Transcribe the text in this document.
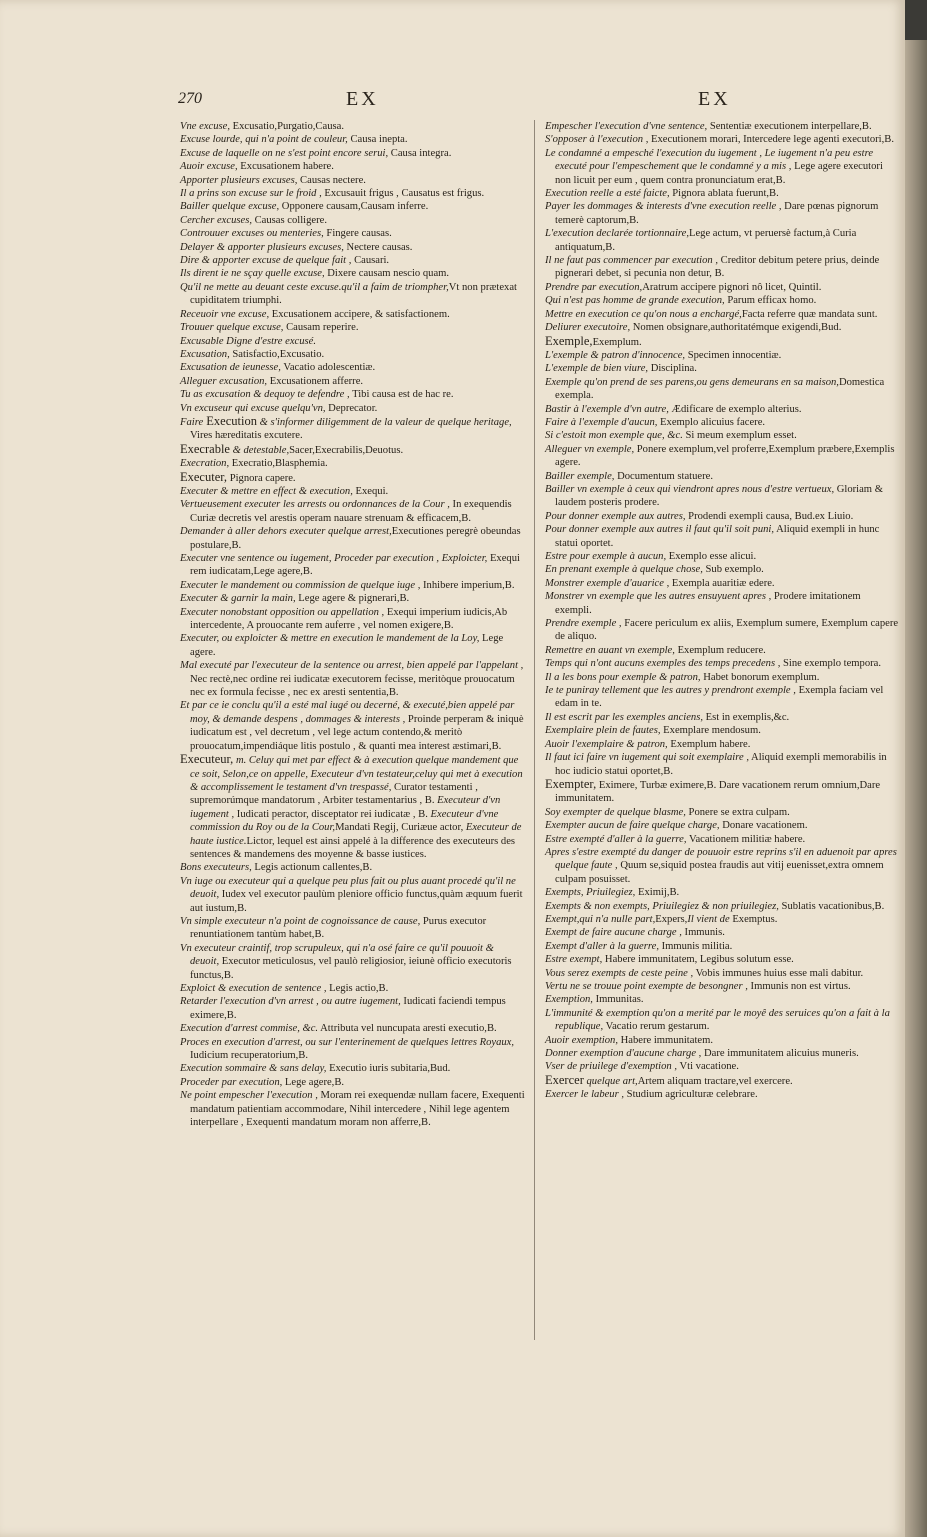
270	EX	EX

Vne excuse, Excusatio,Purgatio,Causa.

Excuse lourde, qui n'a point de couleur, Causa inepta.

Excuse de laquelle on ne s'est point encore serui, Causa integra.

Auoir excuse, Excusationem habere.

Apporter plusieurs excuses, Causas nectere.

Il a prins son excuse sur le froid , Excusauit frigus , Causatus est frigus.

Bailler quelque excuse, Opponere causam,Causam inferre.

Cercher excuses, Causas colligere.

Controuuer excuses ou menteries, Fingere causas.

Delayer & apporter plusieurs excuses, Nectere causas.

Dire & apporter excuse de quelque fait , Causari.

Ils dirent ie ne sçay quelle excuse, Dixere causam nescio quam.

Qu'il ne mette au deuant ceste excuse.qu'il a faim de triompher,Vt non prætexat cupiditatem triumphi.

Receuoir vne excuse, Excusationem accipere, & satisfactionem.

Trouuer quelque excuse, Causam reperire.

Excusable Digne d'estre excusé.

Excusation, Satisfactio,Excusatio.

Excusation de ieunesse, Vacatio adolescentiæ.

Alleguer excusation, Excusationem afferre.

Tu as excusation & dequoy te defendre , Tibi causa est de hac re.

Vn excuseur qui excuse quelqu'vn, Deprecator.

Faire Execution & s'informer diligemment de la valeur de quelque heritage, Vires hæreditatis excutere.

Execrable & detestable,Sacer,Execrabilis,Deuotus.

Execration, Execratio,Blasphemia.

Executer, Pignora capere.

Executer & mettre en effect & execution, Exequi.

Vertueusement executer les arrests ou ordonnances de la Cour , In exequendis Curiæ decretis vel arestis operam nauare strenuam & efficacem,B.

Demander à aller dehors executer quelque arrest,Executiones peregrè obeundas postulare,B.

Executer vne sentence ou iugement, Proceder par execution , Exploicter, Exequi rem iudicatam,Lege agere,B.

Executer le mandement ou commission de quelque iuge , Inhibere imperium,B.

Executer & garnir la main, Lege agere & pignerari,B.

Executer nonobstant opposition ou appellation , Exequi imperium iudicis,Ab intercedente, A prouocante rem auferre , vel nomen exigere,B.

Executer, ou exploicter & mettre en execution le mandement de la Loy, Lege agere.

Mal executé par l'executeur de la sentence ou arrest, bien appelé par l'appelant , Nec rectè,nec ordine rei iudicatæ executorem fecisse, meritòque prouocatum nec ex formula fecisse , nec ex aresti sententia,B.

Et par ce ie conclu qu'il a esté mal iugé ou decerné, & executé,bien appelé par moy, & demande despens , dommages & interests , Proinde perperam & iniquè iudicatum est , vel decretum , vel lege actum contendo,& meritò prouocatum,impendiáque litis postulo , & quanti mea interest æstimari,B.

Executeur, m. Celuy qui met par effect & à execution quelque mandement que ce soit, Selon,ce on appelle, Executeur d'vn testateur,celuy qui met à execution & accomplissement le testament d'vn trespassé, Curator testamenti , supremorúmque mandatorum , Arbiter testamentarius , B. Executeur d'vn iugement , Iudicati peractor, disceptator rei iudicatæ , B. Executeur d'vne commission du Roy ou de la Cour,Mandati Regij, Curiæue actor, Executeur de haute iustice.Lictor, lequel est ainsi appelé à la difference des executeurs des sentences & mandemens des moyenne & basse iustices.

Bons executeurs, Legis actionum callentes,B.

Vn iuge ou executeur qui a quelque peu plus fait ou plus auant procedé qu'il ne deuoit, Iudex vel executor paulùm pleniore officio functus,quàm æquum fuerit aut iustum,B.

Vn simple executeur n'a point de cognoissance de cause, Purus executor renuntiationem tantùm habet,B.

Vn executeur craintif, trop scrupuleux, qui n'a osé faire ce qu'il pouuoit & deuoit, Executor meticulosus, vel paulò religiosior, ieiunè officio executoris functus,B.

Exploict & execution de sentence , Legis actio,B.

Retarder l'execution d'vn arrest , ou autre iugement, Iudicati faciendi tempus eximere,B.

Execution d'arrest commise, &c. Attributa vel nuncupata aresti executio,B.

Proces en execution d'arrest, ou sur l'enterinement de quelques lettres Royaux, Iudicium recuperatorium,B.

Execution sommaire & sans delay, Executio iuris subitaria,Bud.

Proceder par execution, Lege agere,B.

Ne point empescher l'execution , Moram rei exequendæ nullam facere, Exequenti mandatum patientiam accommodare, Nihil intercedere , Nihil lege agentem interpellare , Exequenti mandatum moram non afferre,B.

Empescher l'execution d'vne sentence, Sententiæ executionem interpellare,B.

S'opposer à l'execution , Executionem morari, Intercedere lege agenti executori,B.

Le condamné a empesché l'execution du iugement , Le iugement n'a peu estre executé pour l'empeschement que le condamné y a mis , Lege agere executori non licuit per eum , quem contra pronunciatum erat,B.

Execution reelle a esté faicte, Pignora ablata fuerunt,B.

Payer les dommages & interests d'vne execution reelle , Dare pœnas pignorum temerè captorum,B.

L'execution declarée tortionnaire,Lege actum, vt peruersè factum,à Curia antiquatum,B.

Il ne faut pas commencer par execution , Creditor debitum petere prius, deinde pignerari debet, si pecunia non detur, B.

Prendre par execution,Aratrum accipere pignori nô licet, Quintil.

Qui n'est pas homme de grande execution, Parum efficax homo.

Mettre en execution ce qu'on nous a enchargé,Facta referre quæ mandata sunt.

Deliurer executoire, Nomen obsignare,authoritatémque exigendi,Bud.

Exemple,Exemplum.

L'exemple & patron d'innocence, Specimen innocentiæ.

L'exemple de bien viure, Disciplina.

Exemple qu'on prend de ses parens,ou gens demeurans en sa maison,Domestica exempla.

Bastir à l'exemple d'vn autre, Ædificare de exemplo alterius.

Faire à l'exemple d'aucun, Exemplo alicuius facere.

Si c'estoit mon exemple que, &c. Si meum exemplum esset.

Alleguer vn exemple, Ponere exemplum,vel proferre,Exemplum præbere,Exemplis agere.

Bailler exemple, Documentum statuere.

Bailler vn exemple à ceux qui viendront apres nous d'estre vertueux, Gloriam & laudem posteris prodere.

Pour donner exemple aux autres, Prodendi exempli causa, Bud.ex Liuio.

Pour donner exemple aux autres il faut qu'il soit puni, Aliquid exempli in hunc statui oportet.

Estre pour exemple à aucun, Exemplo esse alicui.

En prenant exemple à quelque chose, Sub exemplo.

Monstrer exemple d'auarice , Exempla auaritiæ edere.

Monstrer vn exemple que les autres ensuyuent apres , Prodere imitationem exempli.

Prendre exemple , Facere periculum ex aliis, Exemplum sumere, Exemplum capere de aliquo.

Remettre en auant vn exemple, Exemplum reducere.

Temps qui n'ont aucuns exemples des temps precedens , Sine exemplo tempora.

Il a les bons pour exemple & patron, Habet bonorum exemplum.

Ie te puniray tellement que les autres y prendront exemple , Exempla faciam vel edam in te.

Il est escrit par les exemples anciens, Est in exemplis,&c.

Exemplaire plein de fautes, Exemplare mendosum.

Auoir l'exemplaire & patron, Exemplum habere.

Il faut ici faire vn iugement qui soit exemplaire , Aliquid exempli memorabilis in hoc iudicio statui oportet,B.

Exempter, Eximere, Turbæ eximere,B. Dare vacationem rerum omnium,Dare immunitatem.

Soy exempter de quelque blasme, Ponere se extra culpam.

Exempter aucun de faire quelque charge, Donare vacationem.

Estre exempté d'aller à la guerre, Vacationem militiæ habere.

Apres s'estre exempté du danger de pouuoir estre reprins s'il en aduenoit par apres quelque faute , Quum se,siquid postea fraudis aut vitij euenisset,extra omnem culpam posuisset.

Exempts, Priuilegiez, Eximij,B.

Exempts & non exempts, Priuilegiez & non priuilegiez, Sublatis vacationibus,B.

Exempt,qui n'a nulle part,Expers,Il vient de Exemptus.

Exempt de faire aucune charge , Immunis.

Exempt d'aller à la guerre, Immunis militia.

Estre exempt, Habere immunitatem, Legibus solutum esse.

Vous serez exempts de ceste peine , Vobis immunes huius esse mali dabitur.

Vertu ne se trouue point exempte de besongner , Immunis non est virtus.

Exemption, Immunitas.

L'immunité & exemption qu'on a merité par le moyê des seruices qu'on a fait à la republique, Vacatio rerum gestarum.

Auoir exemption, Habere immunitatem.

Donner exemption d'aucune charge , Dare immunitatem alicuius muneris.

Vser de priuilege d'exemption , Vti vacatione.

Exercer quelque art,Artem aliquam tractare,vel exercere.

Exercer le labeur , Studium agriculturæ celebrare.
